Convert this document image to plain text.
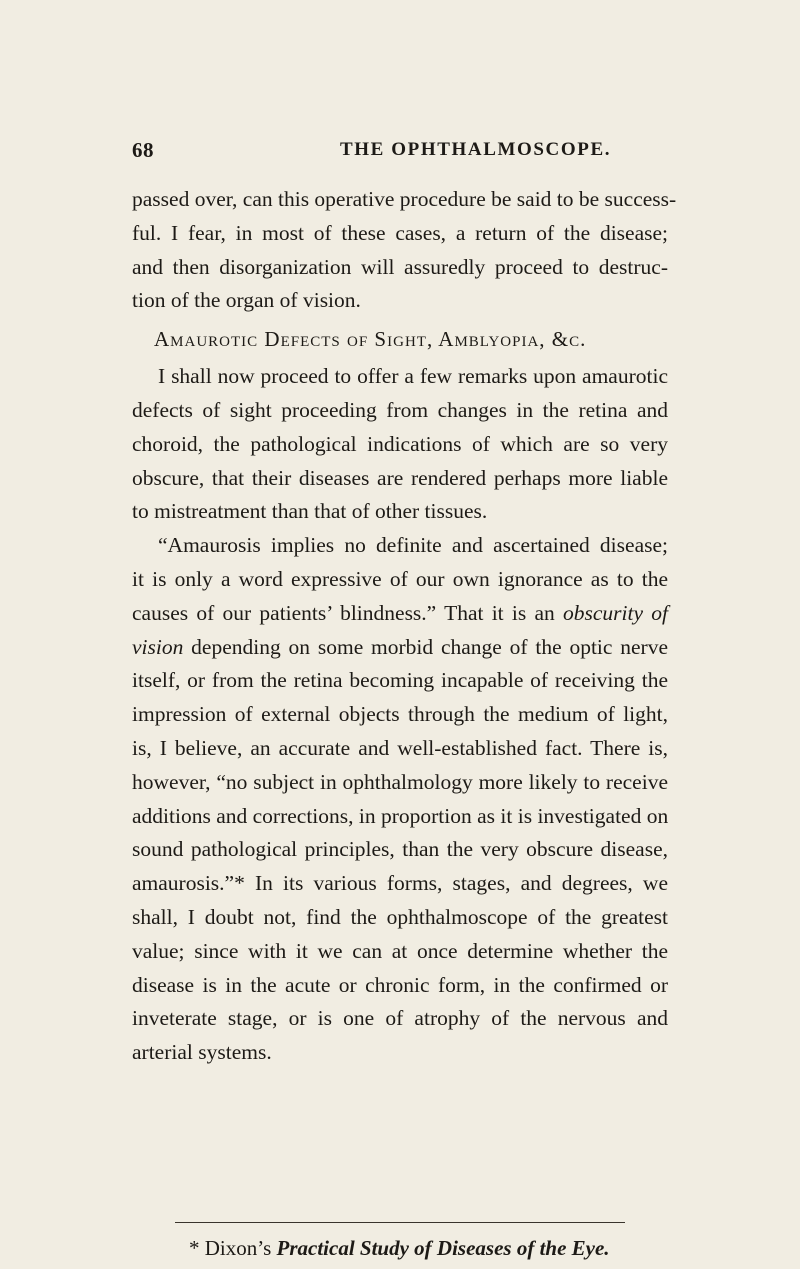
68	THE OPHTHALMOSCOPE.
passed over, can this operative procedure be said to be success-
ful. I fear, in most of these cases, a return of the disease;
and then disorganization will assuredly proceed to destruc-
tion of the organ of vision.
Amaurotic Defects of Sight, Amblyopia, &c.
I shall now proceed to offer a few remarks upon amaurotic
defects of sight proceeding from changes in the retina and
choroid, the pathological indications of which are so very
obscure, that their diseases are rendered perhaps more liable
to mistreatment than that of other tissues.
“Amaurosis implies no definite and ascertained disease;
it is only a word expressive of our own ignorance as to the
causes of our patients’ blindness.” That it is an obscurity of
vision depending on some morbid change of the optic nerve
itself, or from the retina becoming incapable of receiving the
impression of external objects through the medium of light,
is, I believe, an accurate and well-established fact. There is,
however, “no subject in ophthalmology more likely to receive
additions and corrections, in proportion as it is investigated on
sound pathological principles, than the very obscure disease,
amaurosis.”* In its various forms, stages, and degrees, we
shall, I doubt not, find the ophthalmoscope of the greatest
value; since with it we can at once determine whether the
disease is in the acute or chronic form, in the confirmed or
inveterate stage, or is one of atrophy of the nervous and
arterial systems.
* Dixon’s Practical Study of Diseases of the Eye.
